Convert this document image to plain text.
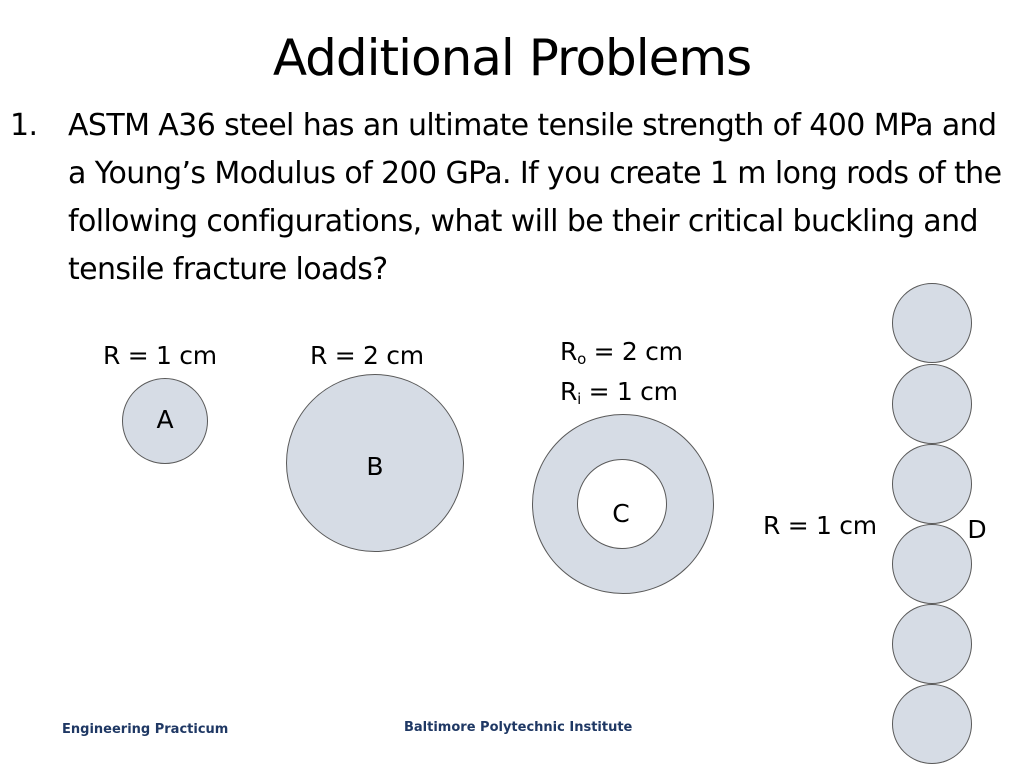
Additional Problems
1. ASTM A36 steel has an ultimate tensile strength of 400 MPa and a Young’s Modulus of 200 GPa. If you create 1 m long rods of the following configurations, what will be their critical buckling and tensile fracture loads?
R = 1 cm
A
R = 2 cm
B
$R_o = 2$ cm
$R_i = 1$ cm
C	R = 1 cm	D
Engineering Practicum	Baltimore Polytechnic Institute
